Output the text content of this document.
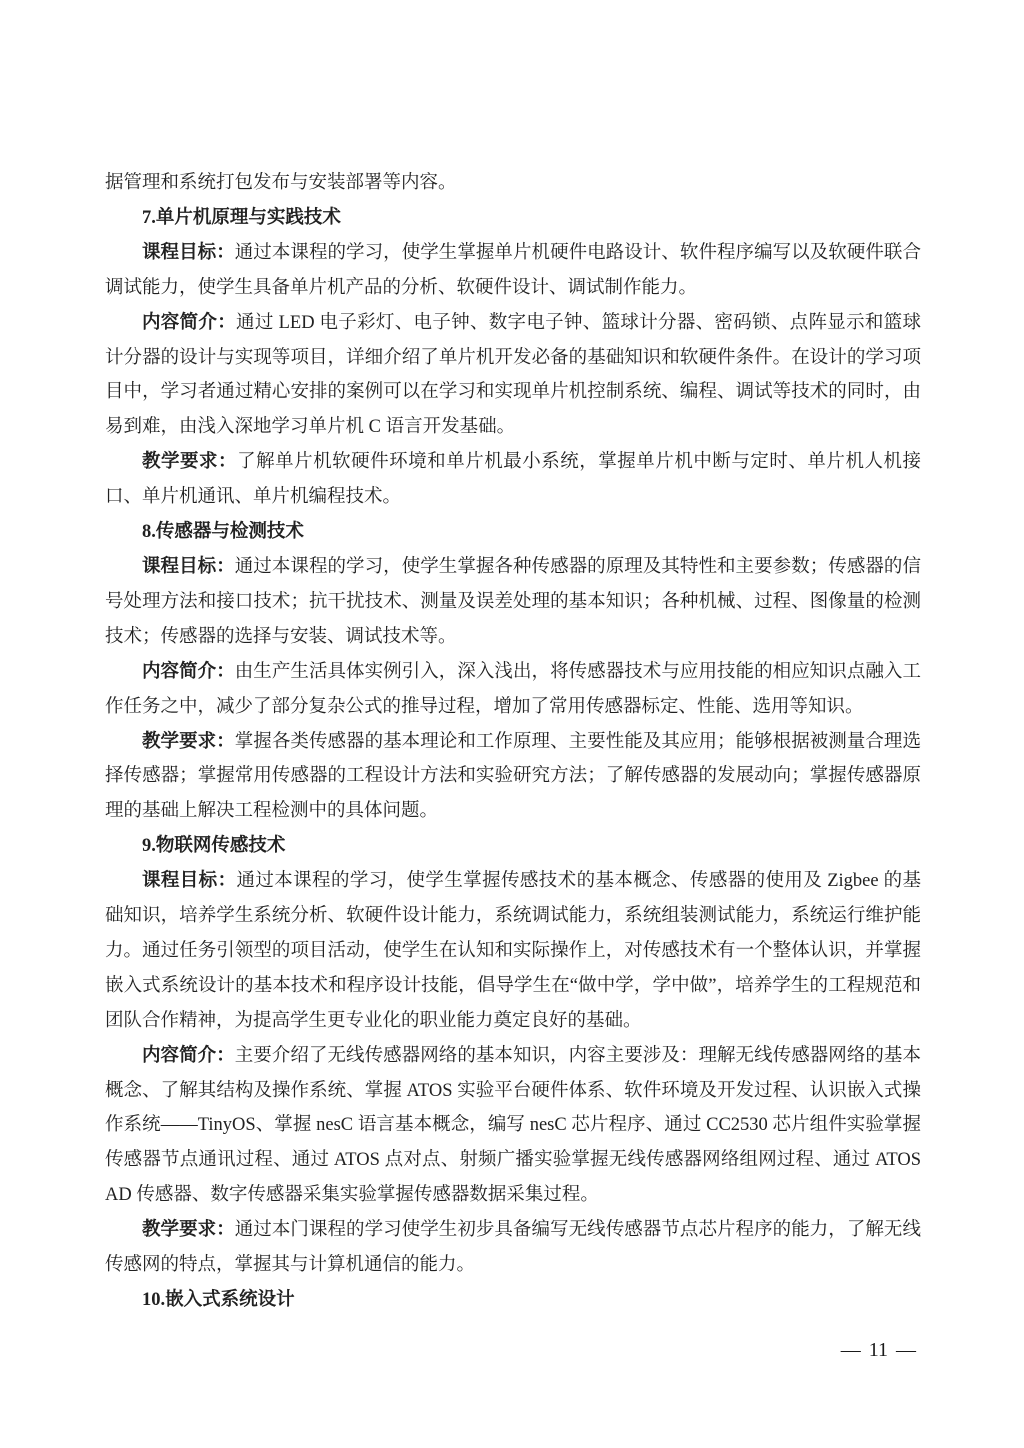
据管理和系统打包发布与安装部署等内容。

7.单片机原理与实践技术

课程目标：通过本课程的学习，使学生掌握单片机硬件电路设计、软件程序编写以及软硬件联合调试能力，使学生具备单片机产品的分析、软硬件设计、调试制作能力。

内容简介：通过 LED 电子彩灯、电子钟、数字电子钟、篮球计分器、密码锁、点阵显示和篮球计分器的设计与实现等项目，详细介绍了单片机开发必备的基础知识和软硬件条件。在设计的学习项目中，学习者通过精心安排的案例可以在学习和实现单片机控制系统、编程、调试等技术的同时，由易到难，由浅入深地学习单片机 C 语言开发基础。

教学要求：了解单片机软硬件环境和单片机最小系统，掌握单片机中断与定时、单片机人机接口、单片机通讯、单片机编程技术。

8.传感器与检测技术

课程目标：通过本课程的学习，使学生掌握各种传感器的原理及其特性和主要参数；传感器的信号处理方法和接口技术；抗干扰技术、测量及误差处理的基本知识；各种机械、过程、图像量的检测技术；传感器的选择与安装、调试技术等。

内容简介：由生产生活具体实例引入，深入浅出，将传感器技术与应用技能的相应知识点融入工作任务之中，减少了部分复杂公式的推导过程，增加了常用传感器标定、性能、选用等知识。

教学要求：掌握各类传感器的基本理论和工作原理、主要性能及其应用；能够根据被测量合理选择传感器；掌握常用传感器的工程设计方法和实验研究方法；了解传感器的发展动向；掌握传感器原理的基础上解决工程检测中的具体问题。

9.物联网传感技术

课程目标：通过本课程的学习，使学生掌握传感技术的基本概念、传感器的使用及 Zigbee 的基础知识，培养学生系统分析、软硬件设计能力，系统调试能力，系统组装测试能力，系统运行维护能力。通过任务引领型的项目活动，使学生在认知和实际操作上，对传感技术有一个整体认识，并掌握嵌入式系统设计的基本技术和程序设计技能，倡导学生在“做中学，学中做”，培养学生的工程规范和团队合作精神，为提高学生更专业化的职业能力奠定良好的基础。

内容简介：主要介绍了无线传感器网络的基本知识，内容主要涉及：理解无线传感器网络的基本概念、了解其结构及操作系统、掌握 ATOS 实验平台硬件体系、软件环境及开发过程、认识嵌入式操作系统——TinyOS、掌握 nesC 语言基本概念，编写 nesC 芯片程序、通过 CC2530 芯片组件实验掌握传感器节点通讯过程、通过 ATOS 点对点、射频广播实验掌握无线传感器网络组网过程、通过 ATOS AD 传感器、数字传感器采集实验掌握传感器数据采集过程。

教学要求：通过本门课程的学习使学生初步具备编写无线传感器节点芯片程序的能力，了解无线传感网的特点，掌握其与计算机通信的能力。

10.嵌入式系统设计

— 11 —
